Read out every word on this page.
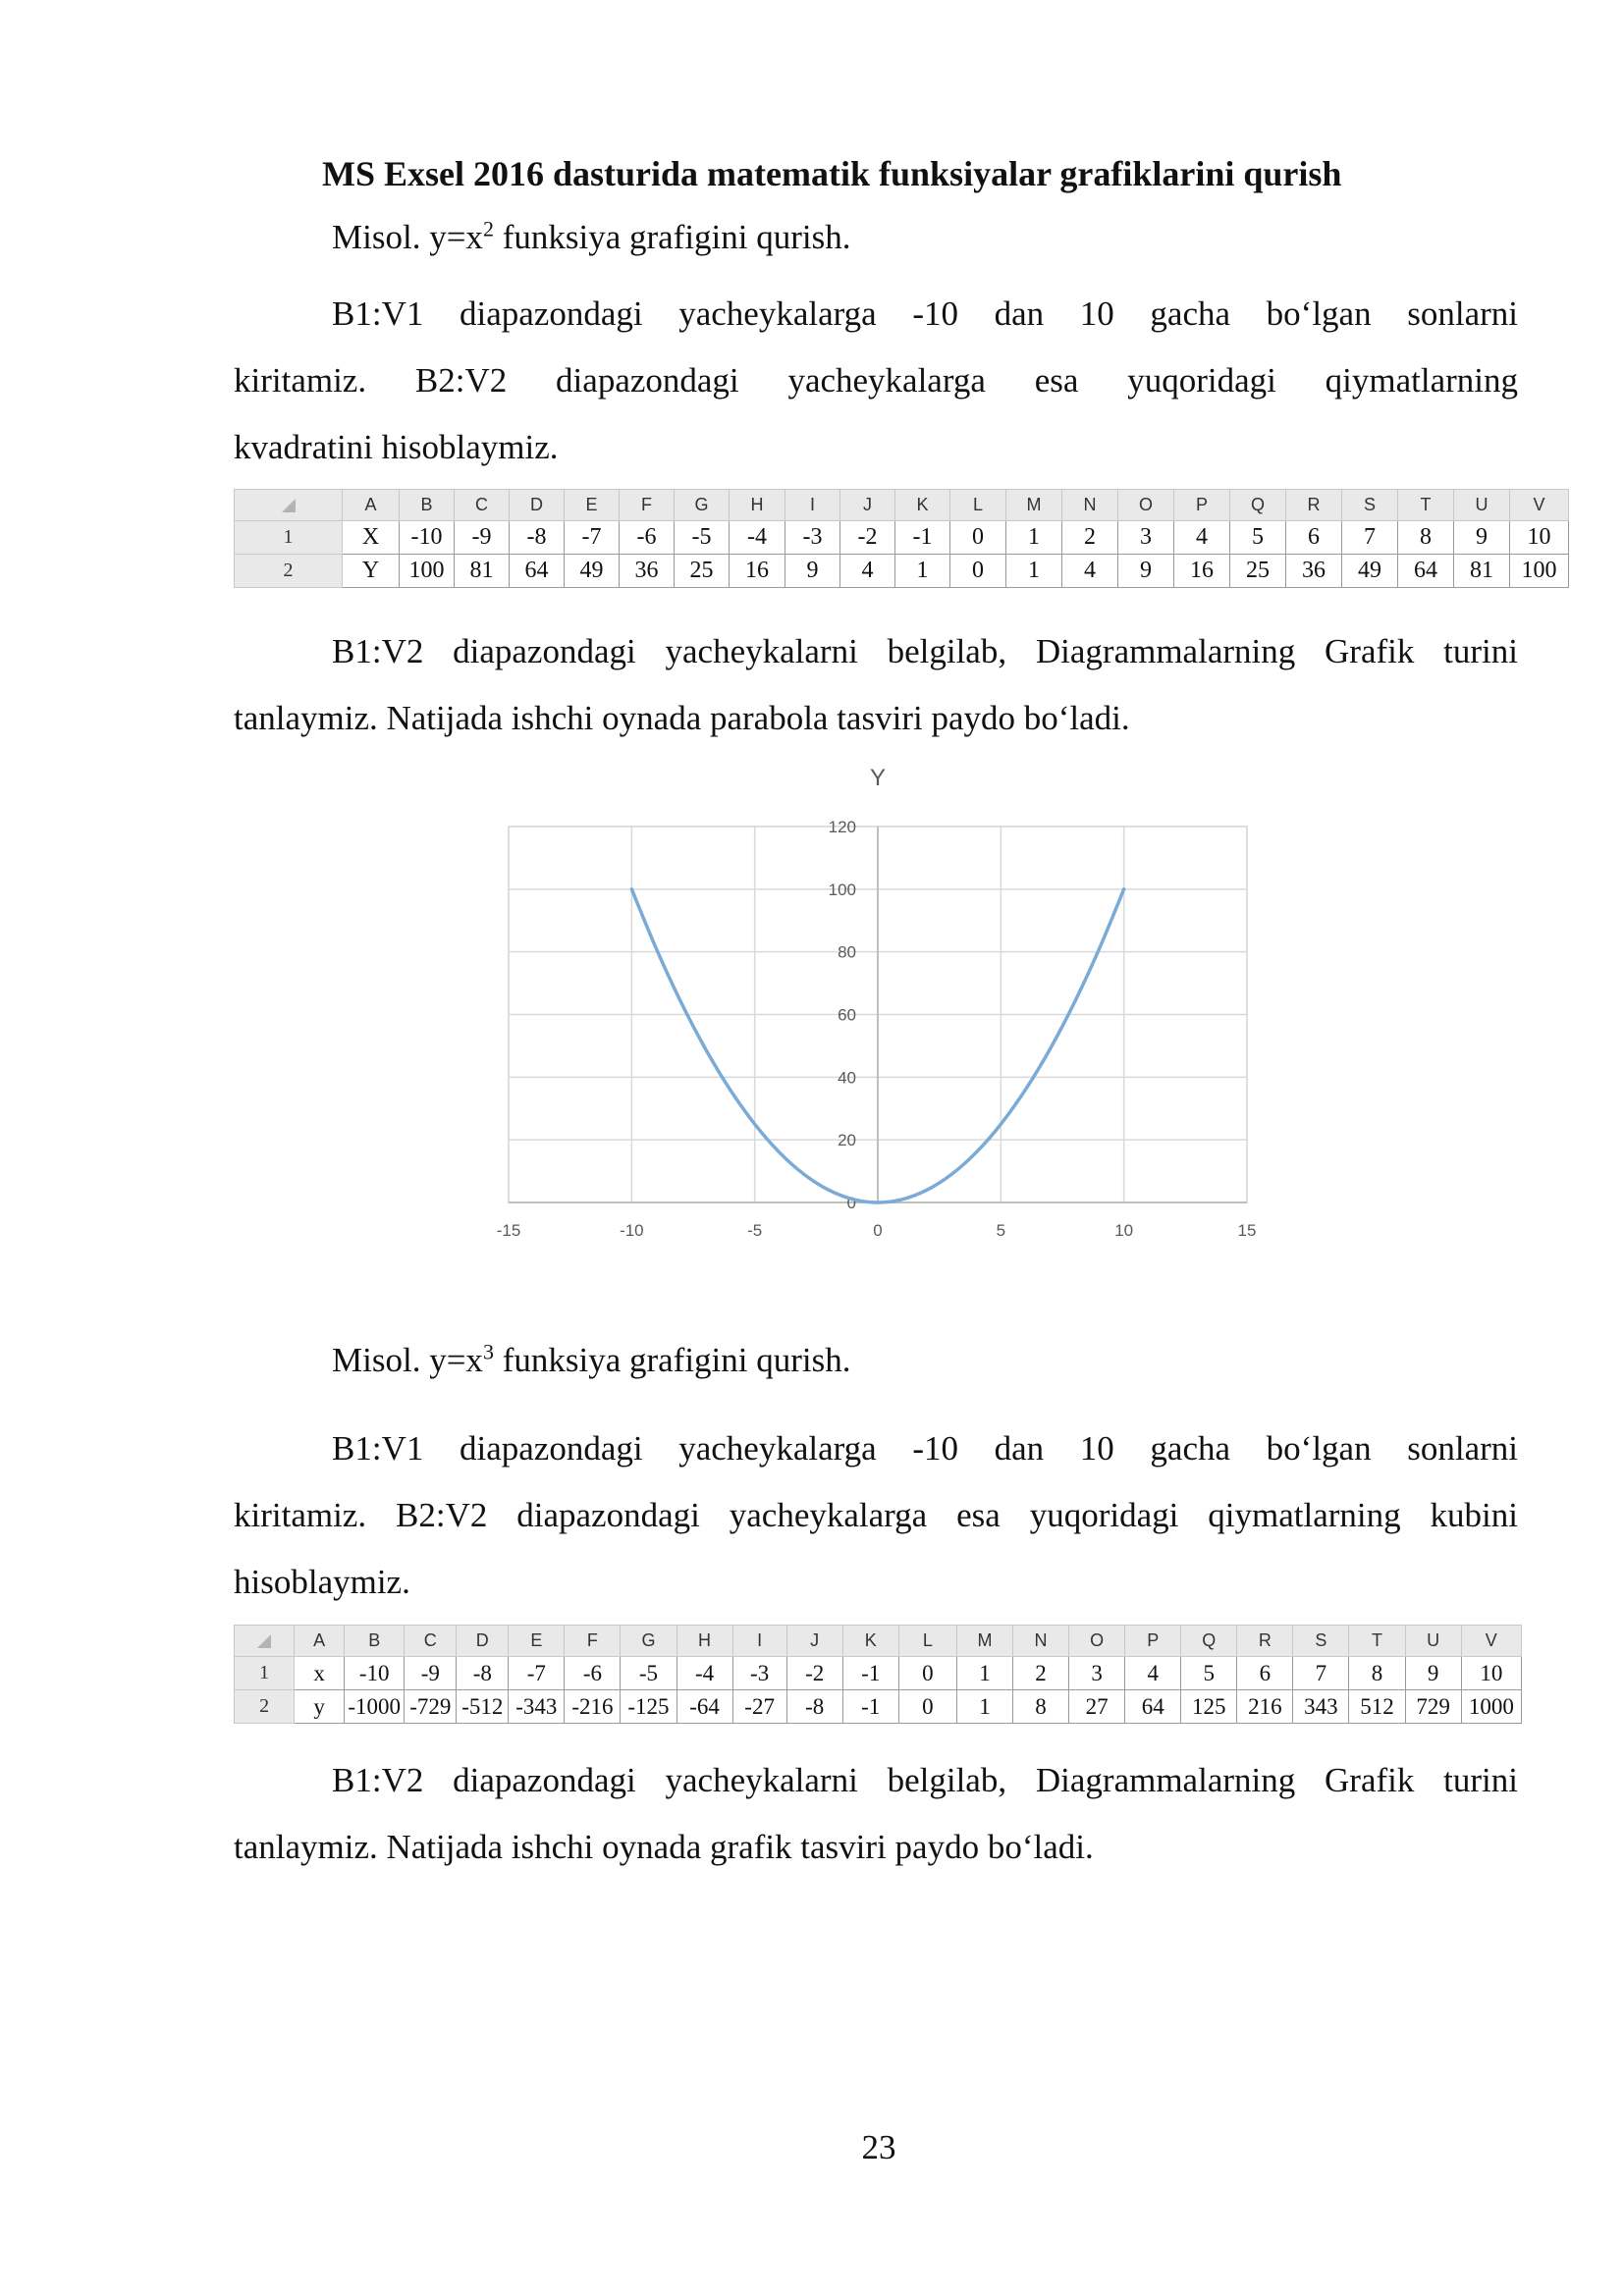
MS Exsel 2016 dasturida matematik funksiyalar grafiklarini qurish
Misol. $y=x^2$ funksiya grafigini qurish.
B1:V1 diapazondagi yacheykalarga -10 dan 10 gacha bo‘lgan sonlarni
kiritamiz. B2:V2 diapazondagi yacheykalarga esa yuqoridagi qiymatlarning
kvadratini hisoblaymiz.
	A	B	C	D	E	F	G	H	I	J	K	L	M	N	O	P	Q	R	S	T	U	V
1	X	-10	-9	-8	-7	-6	-5	-4	-3	-2	-1	0	1	2	3	4	5	6	7	8	9	10
2	Y	100	81	64	49	36	25	16	9	4	1	0	1	4	9	16	25	36	49	64	81	100
B1:V2 diapazondagi yacheykalarni belgilab, Diagrammalarning Grafik turini
tanlaymiz. Natijada ishchi oynada parabola tasviri paydo bo‘ladi.
0
20
40
60
80
100
120
-15	-10	-5	0	5	10	15
Y
Misol. $y=x^3$ funksiya grafigini qurish.
B1:V1 diapazondagi yacheykalarga -10 dan 10 gacha bo‘lgan sonlarni
kiritamiz. B2:V2 diapazondagi yacheykalarga esa yuqoridagi qiymatlarning kubini
hisoblaymiz.
	A	B	C	D	E	F	G	H	I	J	K	L	M	N	O	P	Q	R	S	T	U	V
1	x	-10	-9	-8	-7	-6	-5	-4	-3	-2	-1	0	1	2	3	4	5	6	7	8	9	10
2	y	-1000	-729	-512	-343	-216	-125	-64	-27	-8	-1	0	1	8	27	64	125	216	343	512	729	1000
B1:V2 diapazondagi yacheykalarni belgilab, Diagrammalarning Grafik turini
tanlaymiz. Natijada ishchi oynada grafik tasviri paydo bo‘ladi.
23
